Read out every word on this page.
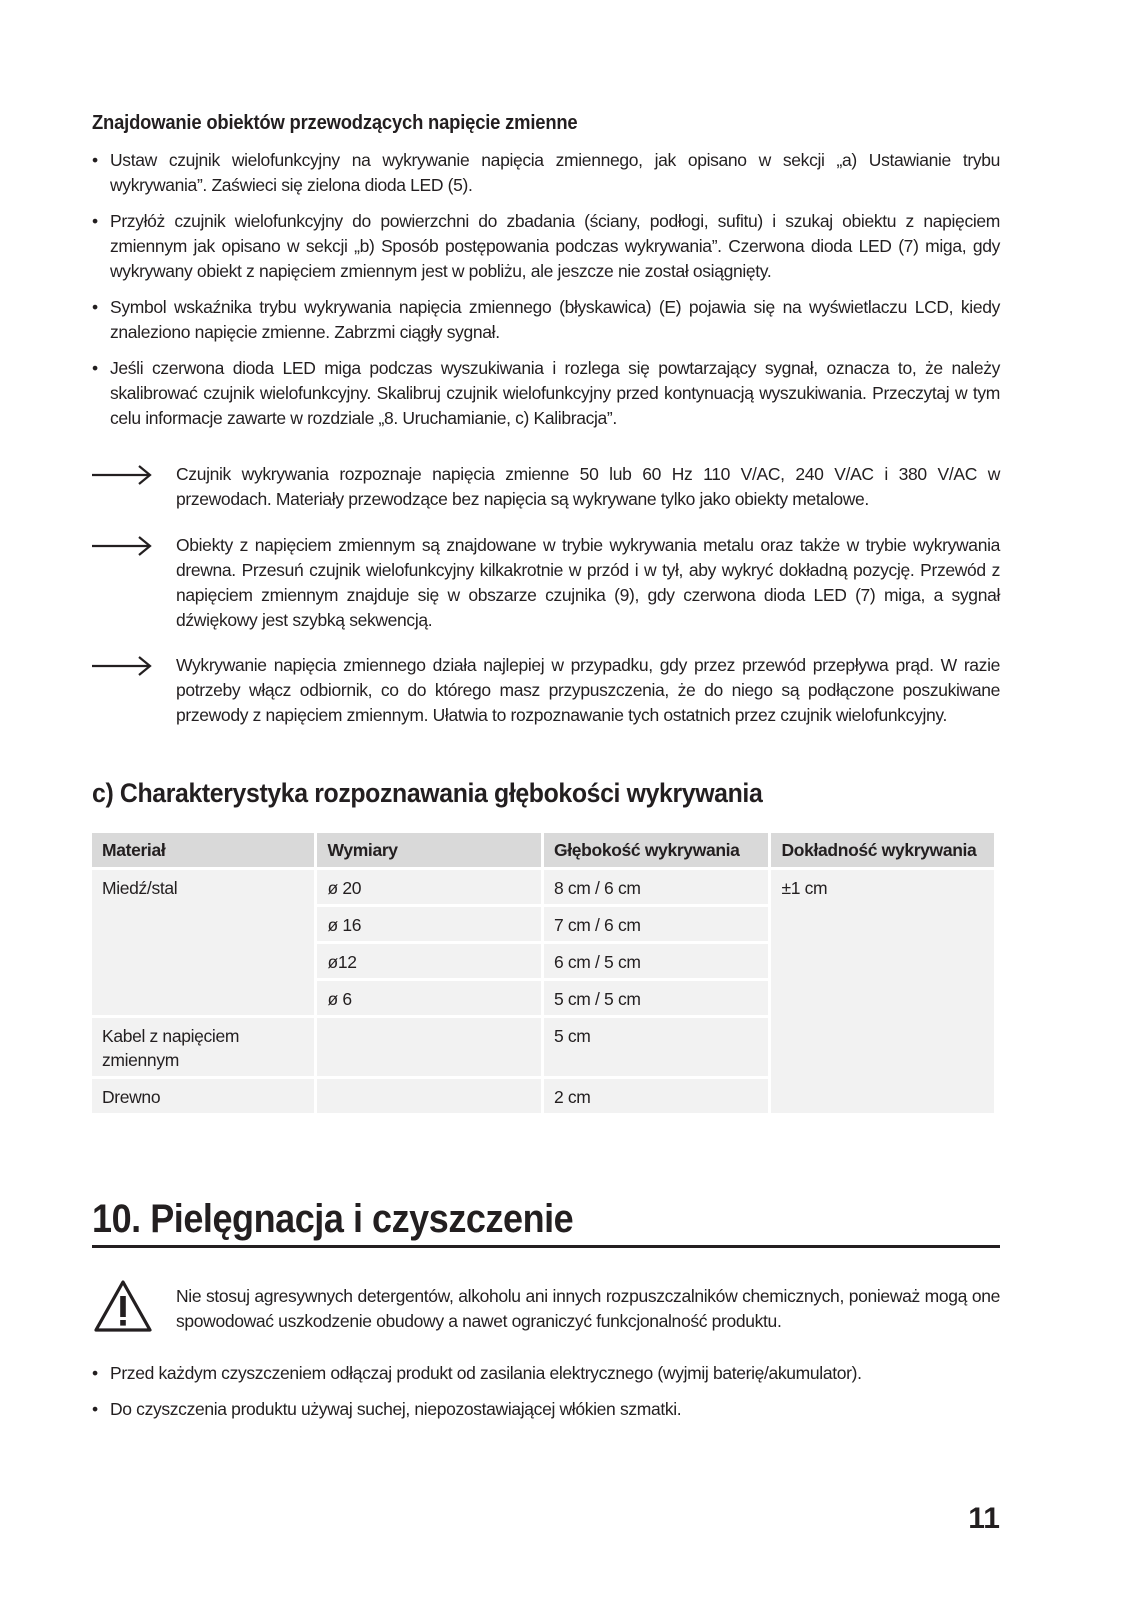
Znajdowanie obiektów przewodzących napięcie zmienne
• Ustaw czujnik wielofunkcyjny na wykrywanie napięcia zmiennego, jak opisano w sekcji „a) Ustawianie trybu wykrywania”. Zaświeci się zielona dioda LED (5).
• Przyłóż czujnik wielofunkcyjny do powierzchni do zbadania (ściany, podłogi, sufitu) i szukaj obiektu z napięciem zmiennym jak opisano w sekcji „b) Sposób postępowania podczas wykrywania”. Czerwona dioda LED (7) miga, gdy wykrywany obiekt z napięciem zmiennym jest w pobliżu, ale jeszcze nie został osiągnięty.
• Symbol wskaźnika trybu wykrywania napięcia zmiennego (błyskawica) (E) pojawia się na wyświetlaczu LCD, kiedy znaleziono napięcie zmienne. Zabrzmi ciągły sygnał.
• Jeśli czerwona dioda LED miga podczas wyszukiwania i rozlega się powtarzający sygnał, oznacza to, że należy skalibrować czujnik wielofunkcyjny. Skalibruj czujnik wielofunkcyjny przed kontynuacją wyszukiwania. Przeczytaj w tym celu informacje zawarte w rozdziale „8. Uruchamianie, c) Kalibracja”.
Czujnik wykrywania rozpoznaje napięcia zmienne 50 lub 60 Hz 110 V/AC, 240 V/AC i 380 V/AC w przewodach. Materiały przewodzące bez napięcia są wykrywane tylko jako obiekty metalowe.
Obiekty z napięciem zmiennym są znajdowane w trybie wykrywania metalu oraz także w trybie wykrywania drewna. Przesuń czujnik wielofunkcyjny kilkakrotnie w przód i w tył, aby wykryć dokładną pozycję. Przewód z napięciem zmiennym znajduje się w obszarze czujnika (9), gdy czerwona dioda LED (7) miga, a sygnał dźwiękowy jest szybką sekwencją.
Wykrywanie napięcia zmiennego działa najlepiej w przypadku, gdy przez przewód przepływa prąd. W razie potrzeby włącz odbiornik, co do którego masz przypuszczenia, że do niego są podłączone poszukiwane przewody z napięciem zmiennym. Ułatwia to rozpoznawanie tych ostatnich przez czujnik wielofunkcyjny.
c) Charakterystyka rozpoznawania głębokości wykrywania
Materiał	Wymiary	Głębokość wykrywania	Dokładność wykrywania
Miedź/stal	ø 20	8 cm / 6 cm	±1 cm
	ø 16	7 cm / 6 cm	
	ø12	6 cm / 5 cm	
	ø 6	5 cm / 5 cm	
Kabel z napięciem zmiennym		5 cm	
Drewno		2 cm	
10. Pielęgnacja i czyszczenie
Nie stosuj agresywnych detergentów, alkoholu ani innych rozpuszczalników chemicznych, ponieważ mogą one spowodować uszkodzenie obudowy a nawet ograniczyć funkcjonalność produktu.
• Przed każdym czyszczeniem odłączaj produkt od zasilania elektrycznego (wyjmij baterię/akumulator).
• Do czyszczenia produktu używaj suchej, niepozostawiającej włókien szmatki.
11
